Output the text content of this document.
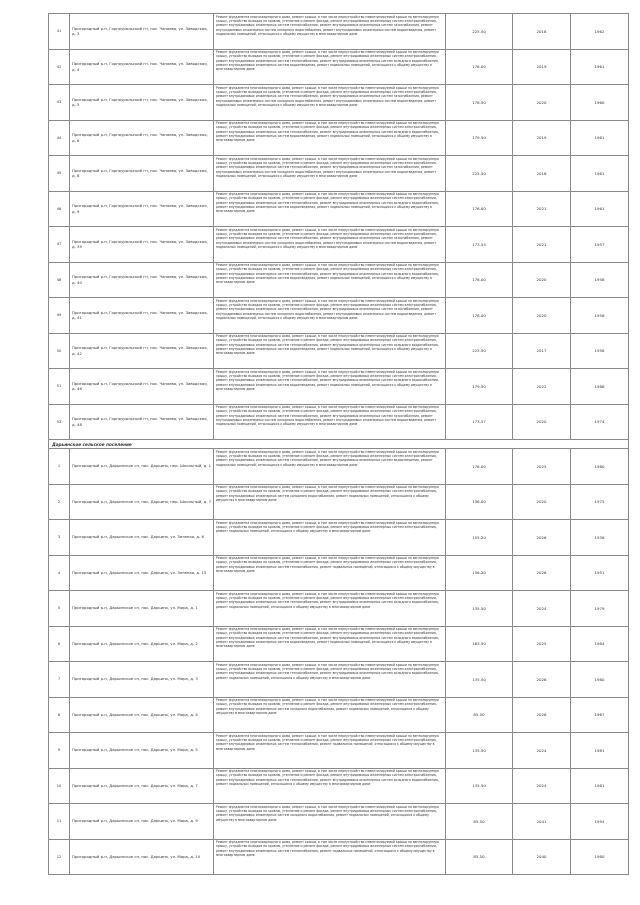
41	Пригородный р-н, Горноуральский гп, пос. Чапаева, ул. Заводская, д. 3	Ремонт фундамента многоквартирного дома, ремонт крыши, в том числе переустройство невентилируемой крыши на вентилируемую крышу, устройство выходов на кровлю, утепление и ремонт фасада, ремонт внутридомовых инженерных систем электроснабжения, ремонт внутридомовых инженерных систем теплоснабжения, ремонт внутридомовых инженерных систем газоснабжения, ремонт внутридомовых инженерных систем холодного водоснабжения, ремонт внутридомовых инженерных систем водоотведения, ремонт подвальных помещений, относящихся к общему имуществу в многоквартирном доме	225.50	2018	1962
42	Пригородный р-н, Горноуральский гп, пос. Чапаева, ул. Заводская, д. 4	Ремонт фундамента многоквартирного дома, ремонт крыши, в том числе переустройство невентилируемой крыши на вентилируемую крышу, устройство выходов на кровлю, утепление и ремонт фасада, ремонт внутридомовых инженерных систем электроснабжения, ремонт внутридомовых инженерных систем теплоснабжения, ремонт внутридомовых инженерных систем холодного водоснабжения, ремонт внутридомовых инженерных систем водоотведения, ремонт подвальных помещений, относящихся к общему имуществу в многоквартирном доме	176.00	2019	1961
43	Пригородный р-н, Горноуральский гп, пос. Чапаева, ул. Заводская, д. 5	Ремонт фундамента многоквартирного дома, ремонт крыши, в том числе переустройство невентилируемой крыши на вентилируемую крышу, устройство выходов на кровлю, утепление и ремонт фасада, ремонт внутридомовых инженерных систем электроснабжения, ремонт внутридомовых инженерных систем теплоснабжения, ремонт внутридомовых инженерных систем газоснабжения, ремонт внутридомовых инженерных систем холодного водоснабжения, ремонт внутридомовых инженерных систем водоотведения, ремонт подвальных помещений, относящихся к общему имуществу в многоквартирном доме	176.50	2020	1960
44	Пригородный р-н, Горноуральский гп, пос. Чапаева, ул. Заводская, д. 6	Ремонт фундамента многоквартирного дома, ремонт крыши, в том числе переустройство невентилируемой крыши на вентилируемую крышу, устройство выходов на кровлю, утепление и ремонт фасада, ремонт внутридомовых инженерных систем электроснабжения, ремонт внутридомовых инженерных систем теплоснабжения, ремонт внутридомовых инженерных систем холодного водоснабжения, ремонт внутридомовых инженерных систем водоотведения, ремонт подвальных помещений, относящихся к общему имуществу в многоквартирном доме	179.50	2019	1961
45	Пригородный р-н, Горноуральский гп, пос. Чапаева, ул. Заводская, д. 8	Ремонт фундамента многоквартирного дома, ремонт крыши, в том числе переустройство невентилируемой крыши на вентилируемую крышу, устройство выходов на кровлю, утепление и ремонт фасада, ремонт внутридомовых инженерных систем электроснабжения, ремонт внутридомовых инженерных систем теплоснабжения, ремонт внутридомовых инженерных систем газоснабжения, ремонт внутридомовых инженерных систем холодного водоснабжения, ремонт внутридомовых инженерных систем водоотведения, ремонт подвальных помещений, относящихся к общему имуществу в многоквартирном доме	225.50	2018	1961
46	Пригородный р-н, Горноуральский гп, пос. Чапаева, ул. Заводская, д. 9	Ремонт фундамента многоквартирного дома, ремонт крыши, в том числе переустройство невентилируемой крыши на вентилируемую крышу, устройство выходов на кровлю, утепление и ремонт фасада, ремонт внутридомовых инженерных систем электроснабжения, ремонт внутридомовых инженерных систем теплоснабжения, ремонт внутридомовых инженерных систем холодного водоснабжения, ремонт внутридомовых инженерных систем водоотведения, ремонт подвальных помещений, относящихся к общему имуществу в многоквартирном доме	176.00	2021	1961
47	Пригородный р-н, Горноуральский гп, пос. Чапаева, ул. Заводская, д. 39	Ремонт фундамента многоквартирного дома, ремонт крыши, в том числе переустройство невентилируемой крыши на вентилируемую крышу, устройство выходов на кровлю, утепление и ремонт фасада, ремонт внутридомовых инженерных систем электроснабжения, ремонт внутридомовых инженерных систем теплоснабжения, ремонт внутридомовых инженерных систем газоснабжения, ремонт внутридомовых инженерных систем холодного водоснабжения, ремонт внутридомовых инженерных систем водоотведения, ремонт подвальных помещений, относящихся к общему имуществу в многоквартирном доме	173.54	2021	1957
48	Пригородный р-н, Горноуральский гп, пос. Чапаева, ул. Заводская, д. 40	Ремонт фундамента многоквартирного дома, ремонт крыши, в том числе переустройство невентилируемой крыши на вентилируемую крышу, устройство выходов на кровлю, утепление и ремонт фасада, ремонт внутридомовых инженерных систем электроснабжения, ремонт внутридомовых инженерных систем теплоснабжения, ремонт внутридомовых инженерных систем холодного водоснабжения, ремонт внутридомовых инженерных систем водоотведения, ремонт подвальных помещений, относящихся к общему имуществу в многоквартирном доме	176.00	2020	1958
49	Пригородный р-н, Горноуральский гп, пос. Чапаева, ул. Заводская, д. 41	Ремонт фундамента многоквартирного дома, ремонт крыши, в том числе переустройство невентилируемой крыши на вентилируемую крышу, устройство выходов на кровлю, утепление и ремонт фасада, ремонт внутридомовых инженерных систем электроснабжения, ремонт внутридомовых инженерных систем теплоснабжения, ремонт внутридомовых инженерных систем газоснабжения, ремонт внутридомовых инженерных систем холодного водоснабжения, ремонт внутридомовых инженерных систем водоотведения, ремонт подвальных помещений, относящихся к общему имуществу в многоквартирном доме	176.00	2020	1956
50	Пригородный р-н, Горноуральский гп, пос. Чапаева, ул. Заводская, д. 42	Ремонт фундамента многоквартирного дома, ремонт крыши, в том числе переустройство невентилируемой крыши на вентилируемую крышу, устройство выходов на кровлю, утепление и ремонт фасада, ремонт внутридомовых инженерных систем электроснабжения, ремонт внутридомовых инженерных систем теплоснабжения, ремонт внутридомовых инженерных систем холодного водоснабжения, ремонт внутридомовых инженерных систем водоотведения, ремонт подвальных помещений, относящихся к общему имуществу в многоквартирном доме	225.50	2017	1958
51	Пригородный р-н, Горноуральский гп, пос. Чапаева, ул. Заводская, д. 46	Ремонт фундамента многоквартирного дома, ремонт крыши, в том числе переустройство невентилируемой крыши на вентилируемую крышу, устройство выходов на кровлю, утепление и ремонт фасада, ремонт внутридомовых инженерных систем электроснабжения, ремонт внутридомовых инженерных систем теплоснабжения, ремонт внутридомовых инженерных систем холодного водоснабжения, ремонт внутридомовых инженерных систем водоотведения, ремонт подвальных помещений, относящихся к общему имуществу в многоквартирном доме	179.50	2022	1986
52	Пригородный р-н, Горноуральский гп, пос. Чапаева, ул. Заводская, д. 48	Ремонт фундамента многоквартирного дома, ремонт крыши, в том числе переустройство невентилируемой крыши на вентилируемую крышу, устройство выходов на кровлю, утепление и ремонт фасада, ремонт внутридомовых инженерных систем электроснабжения, ремонт внутридомовых инженерных систем теплоснабжения, ремонт внутридомовых инженерных систем газоснабжения, ремонт внутридомовых инженерных систем холодного водоснабжения, ремонт внутридомовых инженерных систем водоотведения, ремонт подвальных помещений, относящихся к общему имуществу в многоквартирном доме	173.57	2020	1974
Дарьинское сельское поселение					
1	Пригородный р-н, Дарьинское сп, пос. Дарьино, пер. Школьный, д. 1	Ремонт фундамента многоквартирного дома, ремонт крыши, в том числе переустройство невентилируемой крыши на вентилируемую крышу, устройство выходов на кровлю, утепление и ремонт фасада, ремонт внутридомовых инженерных систем электроснабжения, ремонт внутридомовых инженерных систем теплоснабжения, ремонт внутридомовых инженерных систем водоотведения, ремонт подвальных помещений, относящихся к общему имуществу в многоквартирном доме	176.00	2025	1980
2	Пригородный р-н, Дарьинское сп, пос. Дарьино, пер. Школьный, д. 7	Ремонт фундамента многоквартирного дома, ремонт крыши, в том числе переустройство невентилируемой крыши на вентилируемую крышу, устройство выходов на кровлю, утепление и ремонт фасада, ремонт внутридомовых инженерных систем электроснабжения, ремонт внутридомовых инженерных систем холодного водоснабжения, ремонт подвальных помещений, относящихся к общему имуществу в многоквартирном доме	136.00	2020	1975
3	Пригородный р-н, Дарьинское сп, пос. Дарьино, ул. Зеленая, д. 6	Ремонт фундамента многоквартирного дома, ремонт крыши, в том числе переустройство невентилируемой крыши на вентилируемую крышу, устройство выходов на кровлю, утепление и ремонт фасада, ремонт внутридомовых инженерных систем электроснабжения, ремонт подвальных помещений, относящихся к общему имуществу в многоквартирном доме	155.20	2026	1936
4	Пригородный р-н, Дарьинское сп, пос. Дарьино, ул. Зеленая, д. 15	Ремонт фундамента многоквартирного дома, ремонт крыши, в том числе переустройство невентилируемой крыши на вентилируемую крышу, устройство выходов на кровлю, утепление и ремонт фасада, ремонт внутридомовых инженерных систем электроснабжения, ремонт внутридомовых инженерных систем теплоснабжения, ремонт подвальных помещений, относящихся к общему имуществу в многоквартирном доме	156.20	2026	1951
5	Пригородный р-н, Дарьинское сп, пос. Дарьино, ул. Мира, д. 1	Ремонт фундамента многоквартирного дома, ремонт крыши, в том числе переустройство невентилируемой крыши на вентилируемую крышу, устройство выходов на кровлю, утепление и ремонт фасада, ремонт внутридомовых инженерных систем электроснабжения, ремонт внутридомовых инженерных систем теплоснабжения, ремонт внутридомовых инженерных систем холодного водоснабжения, ремонт подвальных помещений, относящихся к общему имуществу в многоквартирном доме	135.50	2024	1979
6	Пригородный р-н, Дарьинское сп, пос. Дарьино, ул. Мира, д. 2	Ремонт фундамента многоквартирного дома, ремонт крыши, в том числе переустройство невентилируемой крыши на вентилируемую крышу, устройство выходов на кровлю, утепление и ремонт фасада, ремонт внутридомовых инженерных систем электроснабжения, ремонт внутридомовых инженерных систем теплоснабжения, ремонт внутридомовых инженерных систем холодного водоснабжения, ремонт внутридомовых инженерных систем водоотведения, ремонт подвальных помещений, относящихся к общему имуществу в многоквартирном доме	163.50	2025	1984
7	Пригородный р-н, Дарьинское сп, пос. Дарьино, ул. Мира, д. 3	Ремонт фундамента многоквартирного дома, ремонт крыши, в том числе переустройство невентилируемой крыши на вентилируемую крышу, устройство выходов на кровлю, утепление и ремонт фасада, ремонт внутридомовых инженерных систем электроснабжения, ремонт внутридомовых инженерных систем теплоснабжения, ремонт внутридомовых инженерных систем холодного водоснабжения, ремонт подвальных помещений, относящихся к общему имуществу в многоквартирном доме	135.50	2026	1980
8	Пригородный р-н, Дарьинское сп, пос. Дарьино, ул. Мира, д. 4	Ремонт фундамента многоквартирного дома, ремонт крыши, в том числе переустройство невентилируемой крыши на вентилируемую крышу, устройство выходов на кровлю, утепление и ремонт фасада, ремонт внутридомовых инженерных систем электроснабжения, ремонт внутридомовых инженерных систем холодного водоснабжения, ремонт подвальных помещений, относящихся к общему имуществу в многоквартирном доме	85.50	2026	1967
9	Пригородный р-н, Дарьинское сп, пос. Дарьино, ул. Мира, д. 5	Ремонт фундамента многоквартирного дома, ремонт крыши, в том числе переустройство невентилируемой крыши на вентилируемую крышу, устройство выходов на кровлю, утепление и ремонт фасада, ремонт внутридомовых инженерных систем электроснабжения, ремонт внутридомовых инженерных систем теплоснабжения, ремонт подвальных помещений, относящихся к общему имуществу в многоквартирном доме	135.50	2024	1981
10	Пригородный р-н, Дарьинское сп, пос. Дарьино, ул. Мира, д. 7	Ремонт фундамента многоквартирного дома, ремонт крыши, в том числе переустройство невентилируемой крыши на вентилируемую крышу, устройство выходов на кровлю, утепление и ремонт фасада, ремонт внутридомовых инженерных систем электроснабжения, ремонт внутридомовых инженерных систем теплоснабжения, ремонт внутридомовых инженерных систем холодного водоснабжения, ремонт подвальных помещений, относящихся к общему имуществу в многоквартирном доме	135.50	2024	1981
11	Пригородный р-н, Дарьинское сп, пос. Дарьино, ул. Мира, д. 9	Ремонт фундамента многоквартирного дома, ремонт крыши, в том числе переустройство невентилируемой крыши на вентилируемую крышу, устройство выходов на кровлю, утепление и ремонт фасада, ремонт внутридомовых инженерных систем электроснабжения, ремонт внутридомовых инженерных систем холодного водоснабжения, ремонт подвальных помещений, относящихся к общему имуществу в многоквартирном доме	85.50	2041	1994
12	Пригородный р-н, Дарьинское сп, пос. Дарьино, ул. Мира, д. 10	Ремонт фундамента многоквартирного дома, ремонт крыши, в том числе переустройство невентилируемой крыши на вентилируемую крышу, устройство выходов на кровлю, утепление и ремонт фасада, ремонт внутридомовых инженерных систем электроснабжения, ремонт внутридомовых инженерных систем теплоснабжения, ремонт подвальных помещений, относящихся к общему имуществу в многоквартирном доме	85.50	2040	1980
